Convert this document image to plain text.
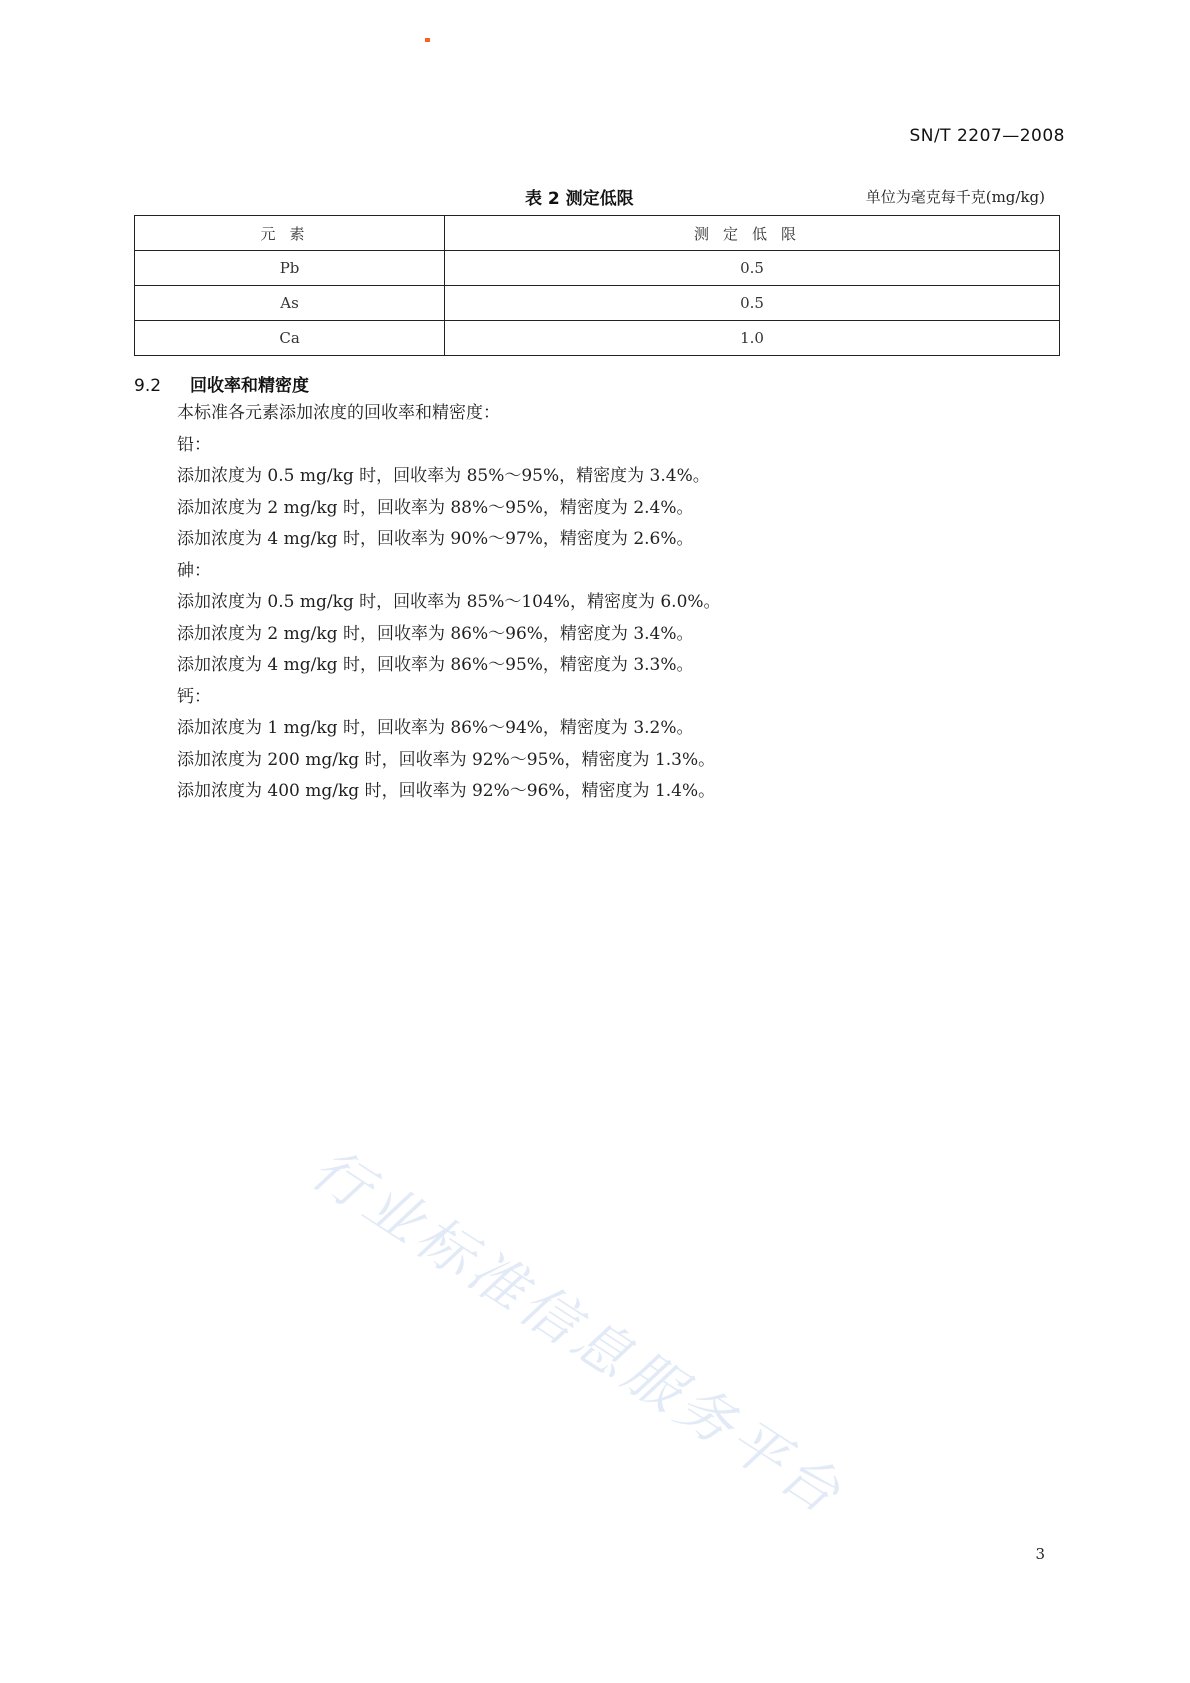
SN/T 2207—2008
表 2 测定低限	单位为毫克每千克(mg/kg)
元素	测定低限
Pb	0.5
As	0.5
Ca	1.0
9.2 回收率和精密度

本标准各元素添加浓度的回收率和精密度：

铅：

添加浓度为 0.5 mg/kg 时，回收率为 85%～95%，精密度为 3.4%。

添加浓度为 2 mg/kg 时，回收率为 88%～95%，精密度为 2.4%。

添加浓度为 4 mg/kg 时，回收率为 90%～97%，精密度为 2.6%。

砷：

添加浓度为 0.5 mg/kg 时，回收率为 85%～104%，精密度为 6.0%。

添加浓度为 2 mg/kg 时，回收率为 86%～96%，精密度为 3.4%。

添加浓度为 4 mg/kg 时，回收率为 86%～95%，精密度为 3.3%。

钙：

添加浓度为 1 mg/kg 时，回收率为 86%～94%，精密度为 3.2%。

添加浓度为 200 mg/kg 时，回收率为 92%～95%，精密度为 1.3%。

添加浓度为 400 mg/kg 时，回收率为 92%～96%，精密度为 1.4%。

行业标准信息服务平台
3
